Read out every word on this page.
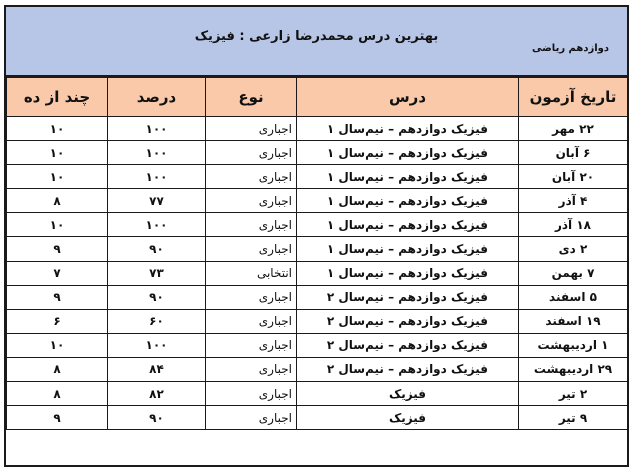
بهترین درس محمدرضا زارعی : فیزیک
دوازدهم ریاضی
تاریخ آزمون	درس	نوع	درصد	چند از ده
۲۲ مهر	فیزیک دوازدهم – نیم‌سال ۱	اجباری	۱۰۰	۱۰
۶ آبان	فیزیک دوازدهم – نیم‌سال ۱	اجباری	۱۰۰	۱۰
۲۰ آبان	فیزیک دوازدهم – نیم‌سال ۱	اجباری	۱۰۰	۱۰
۴ آذر	فیزیک دوازدهم – نیم‌سال ۱	اجباری	۷۷	۸
۱۸ آذر	فیزیک دوازدهم – نیم‌سال ۱	اجباری	۱۰۰	۱۰
۲ دی	فیزیک دوازدهم – نیم‌سال ۱	اجباری	۹۰	۹
۷ بهمن	فیزیک دوازدهم – نیم‌سال ۱	انتخابی	۷۳	۷
۵ اسفند	فیزیک دوازدهم – نیم‌سال ۲	اجباری	۹۰	۹
۱۹ اسفند	فیزیک دوازدهم – نیم‌سال ۲	اجباری	۶۰	۶
۱ اردیبهشت	فیزیک دوازدهم – نیم‌سال ۲	اجباری	۱۰۰	۱۰
۲۹ اردیبهشت	فیزیک دوازدهم – نیم‌سال ۲	اجباری	۸۴	۸
۲ تیر	فیزیک	اجباری	۸۲	۸
۹ تیر	فیزیک	اجباری	۹۰	۹
